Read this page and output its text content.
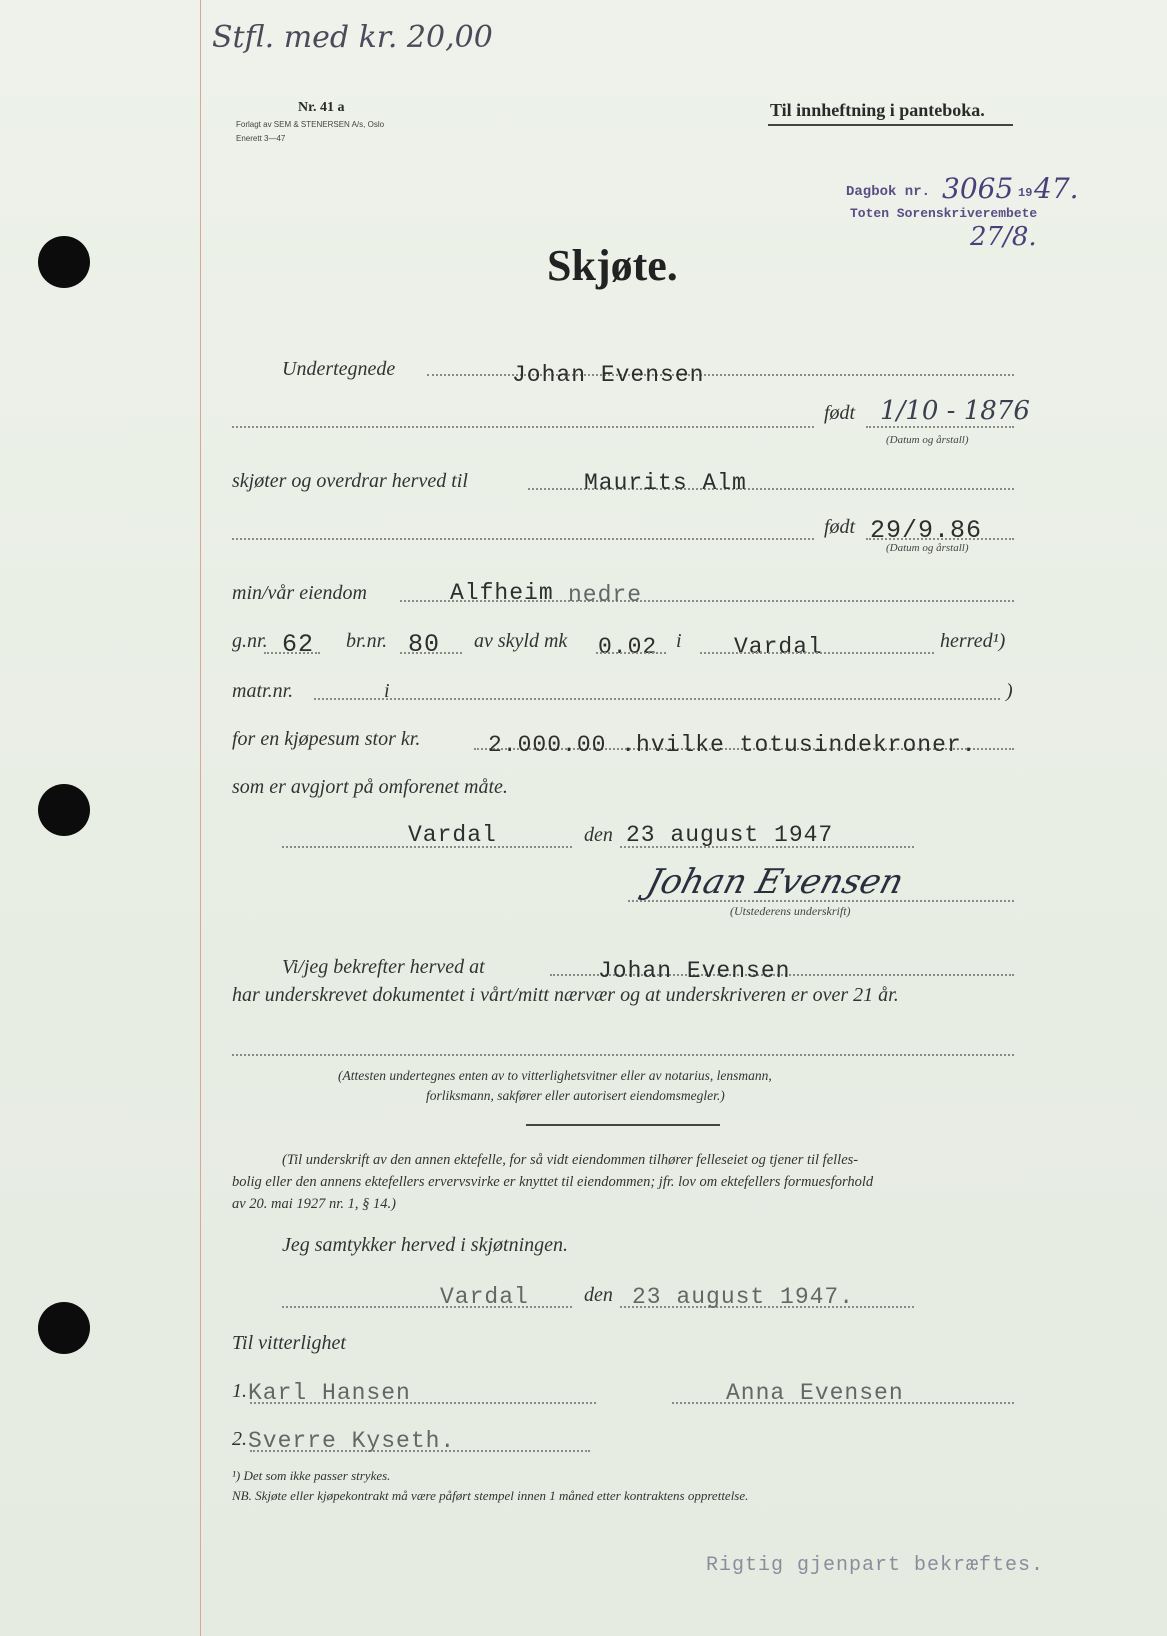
Stfl. med kr. 20,00
Nr. 41 a
Forlagt av SEM & STENERSEN A/s, Oslo
Enerett 3—47
Til innheftning i panteboka.
Dagbok nr. 3065 19 47.
Toten Sorenskriverembete
27/8.
Skjøte.
Undertegnede	Johan Evensen
født 1/10 - 1876
(Datum og årstall)
skjøter og overdrar herved til	Maurits Alm
født 29/9.86
(Datum og årstall)
min/vår eiendom	Alfheim nedre
g.nr. 62 br.nr. 80 av skyld mk 0.02 i Vardal	herred¹)
matr.nr.	i	)
for en kjøpesum stor kr.	2.000.00 .hvilke totusindekroner.
som er avgjort på omforenet måte.
Vardal	den 23 august 1947
Johan Evensen
(Utstederens underskrift)
Vi/jeg bekrefter herved at	Johan Evensen
har underskrevet dokumentet i vårt/mitt nærvær og at underskriveren er over 21 år.
(Attesten undertegnes enten av to vitterlighetsvitner eller av notarius, lensmann,
forliksmann, sakfører eller autorisert eiendomsmegler.)
(Til underskrift av den annen ektefelle, for så vidt eiendommen tilhører felleseiet og tjener til felles-
bolig eller den annens ektefellers ervervsvirke er knyttet til eiendommen; jfr. lov om ektefellers formuesforhold
av 20. mai 1927 nr. 1, § 14.)
Jeg samtykker herved i skjøtningen.
Vardal	den 23 august 1947.
Til vitterlighet
1. Karl Hansen	Anna Evensen
2. Sverre Kyseth.
¹) Det som ikke passer strykes.
NB. Skjøte eller kjøpekontrakt må være påført stempel innen 1 måned etter kontraktens opprettelse.
Rigtig gjenpart bekræftes.
